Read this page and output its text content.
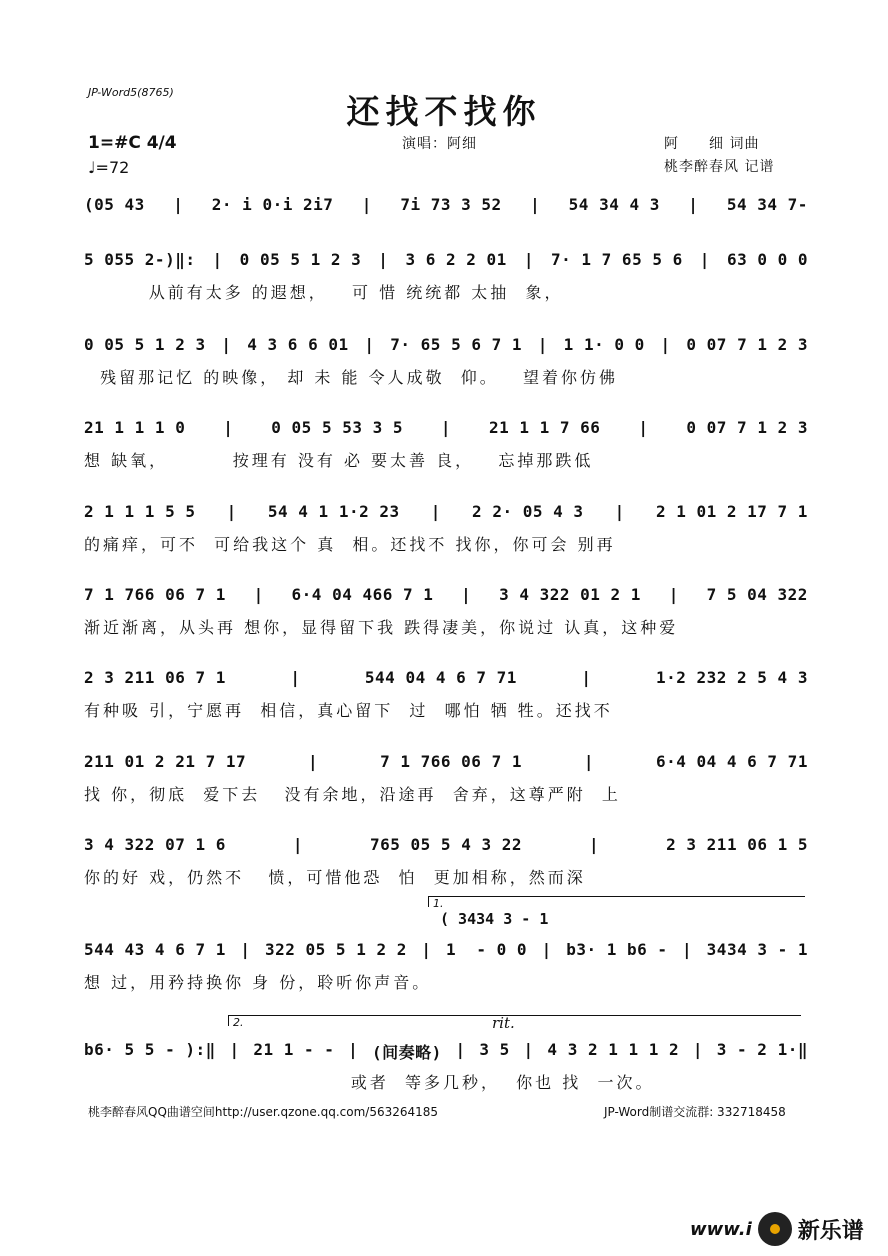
JP-Word5(8765)	还找不找你
1=#C 4/4
♩=72
演唱：阿细	阿　　细 词曲
桃李醉春风 记谱
(05 43 | 2· i 0·i 2i7 | 7i 73 3 52 | 54 34 4 3 | 54 34 7-
5 055 2-)‖: | 0 05 5 1 2 3 | 3 6 2 2 01 | 7· 1 7 65 5 6 | 63 0 0 0
从前有太多 的遐想，   可 惜 统统都 太抽  象，
0 05 5 1 2 3 | 4 3 6 6 01 | 7· 65 5 6 7 1 | 1 1· 0 0 | 0 07 7 1 2 3
残留那记忆 的映像， 却 未 能 令人成敬  仰。   望着你仿佛
21 1 1 1 0 | 0 05 5 53 3 5 | 21 1 1 7 66 | 0 07 7 1 2 3
想 缺氧，        按理有 没有 必 要太善 良，   忘掉那跌低
2 1 1 1 5 5 | 54 4 1 1·2 23 | 2 2· 05 4 3 | 2 1 01 2 17 7 1
的痛痒，可不  可给我这个 真  相。还找不 找你，你可会 别再
7 1 766 06 7 1 | 6·4 04 466 7 1 | 3 4 322 01 2 1 | 7 5 04 322
渐近渐离，从头再 想你，显得留下我 跌得凄美，你说过 认真，这种爱
2 3 211 06 7 1	|	544 04 4 6 7 71	|	1·2 232 2 5 4 3
有种吸 引，宁愿再  相信，真心留下  过  哪怕 牺 牲。还找不
211 01 2 21 7 17	|	7 1 766 06 7 1	|	6·4 04 4 6 7 71
找 你，彻底  爱下去   没有余地，沿途再  舍弃，这尊严附  上
3 4 322 07 1 6	|	765 05 5 4 3 22	|	2 3 211 06 1 5
你的好 戏，仍然不   愤，可惜他恐  怕  更加相称，然而深
544 43 4 6 7 1 | 322 05 5 1 2 2 | 1  - 0 0 | b3· 1 b6 - | 3434 3 - 1
想 过，用矜持换你 身 份，聆听你声音。
b6· 5 5 - ):‖ | 21 1 - - | (间奏略) | 3 5 | 4 3 2 1 1 1 2 | 3 - 2 1·‖
或者  等多几秒，  你也 找  一次。
1.
( 3434 3 - 1
2.	rit.
桃李醉春风QQ曲谱空间http://user.qzone.qq.com/563264185	JP-Word制谱交流群: 332718458
www.i 新乐谱
